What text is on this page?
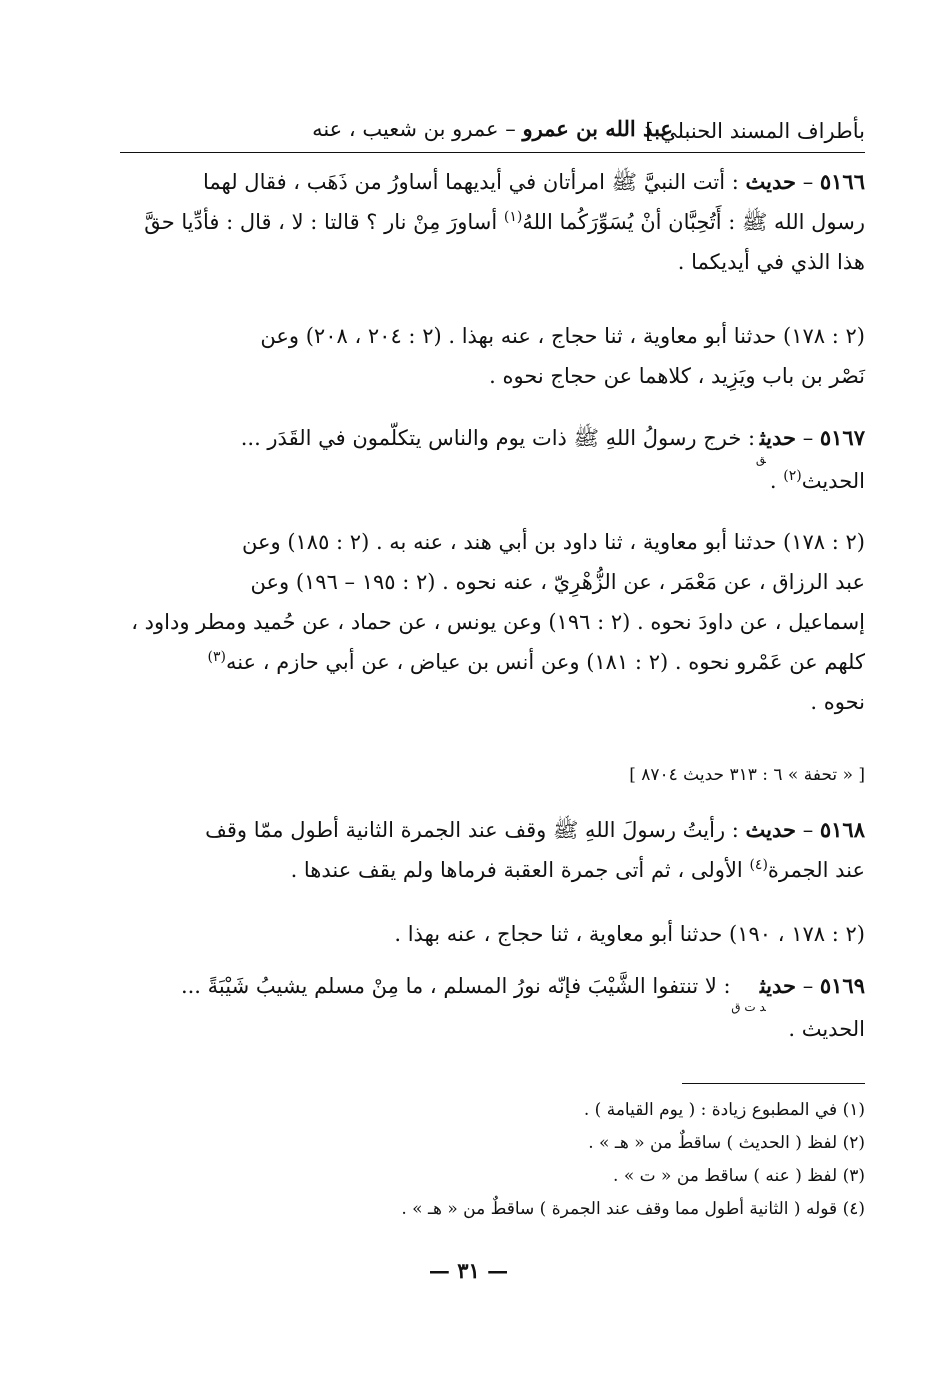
بأطراف المسند الحنبلي ]
عبد الله بن عمرو – عمرو بن شعيب ، عنه
٥١٦٦ – حديث : أتت النبيَّ ﷺ امرأتان في أيديهما أساورُ من ذَهَب ، فقال لهما
رسول الله ﷺ : أَتُحِبَّان أنْ يُسَوِّرَكُما اللهُ$^{(١)}$ أساورَ مِنْ نار ؟ قالتا : لا ، قال : فأدِّيا حقَّ
هذا الذي في أيديكما .
(٢ : ١٧٨) حدثنا أبو معاوية ، ثنا حجاج ، عنه بهذا . (٢ : ٢٠٤ ، ٢٠٨) وعن
نَصْر بن باب ويَزِيد ، كلاهما عن حجاج نحوه .
٥١٦٧ – حديث$_ق$ : خرج رسولُ اللهِ ﷺ ذات يوم والناس يتكلّمون في القَدَر ...
الحديث$^{(٢)}$ .
(٢ : ١٧٨) حدثنا أبو معاوية ، ثنا داود بن أبي هند ، عنه به . (٢ : ١٨٥) وعن
عبد الرزاق ، عن مَعْمَر ، عن الزُّهْرِيّ ، عنه نحوه . (٢ : ١٩٥ – ١٩٦) وعن
إسماعيل ، عن داودَ نحوه . (٢ : ١٩٦) وعن يونس ، عن حماد ، عن حُميد ومطر وداود ،
كلهم عن عَمْرو نحوه . (٢ : ١٨١) وعن أنس بن عياض ، عن أبي حازم ، عنه$^{(٣)}$
نحوه .
[ « تحفة » ٦ : ٣١٣ حديث ٨٧٠٤ ]
٥١٦٨ – حديث : رأيتُ رسولَ اللهِ ﷺ وقف عند الجمرة الثانية أطول ممّا وقف
عند الجمرة$^{(٤)}$ الأولى ، ثم أتى جمرة العقبة فرماها ولم يقف عندها .
(٢ : ١٧٨ ، ١٩٠) حدثنا أبو معاوية ، ثنا حجاج ، عنه بهذا .
٥١٦٩ – حديث$_{د ت ق}$ : لا تنتفوا الشَّيْبَ فإنّه نورُ المسلم ، ما مِنْ مسلم يشيبُ شَيْبَةً ...
الحديث .
(١) في المطبوع زيادة : ( يوم القيامة ) .
(٢) لفظ ( الحديث ) ساقطٌ من « هـ » .
(٣) لفظ ( عنه ) ساقط من « ت » .
(٤) قوله ( الثانية أطول مما وقف عند الجمرة ) ساقطٌ من « هـ » .
— ٣١ —
